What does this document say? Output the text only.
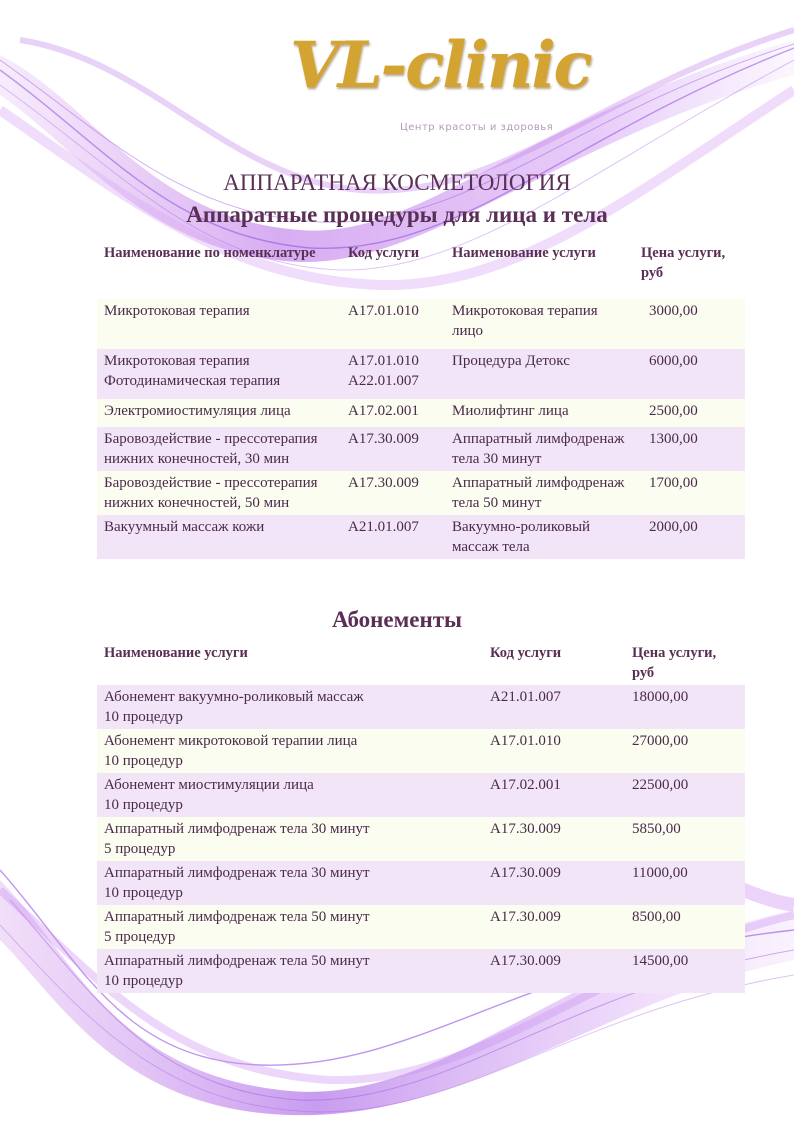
VL-clinic
Центр красоты и здоровья
АППАРАТНАЯ КОСМЕТОЛОГИЯ
Аппаратные процедуры для лица и тела
Наименование по номенклатуре	Код услуги	Наименование услуги	Цена услуги, руб

Микротоковая терапия	A17.01.010	Микротоковая терапия лицо	3000,00
Микротоковая терапия Фотодинамическая терапия	A17.01.010 A22.01.007	Процедура Детокс	6000,00
Электромиостимуляция лица	A17.02.001	Миолифтинг лица	2500,00
Баровоздействие - прессотерапия нижних конечностей, 30 мин	A17.30.009	Аппаратный лимфодренаж тела 30 минут	1300,00
Баровоздействие - прессотерапия нижних конечностей, 50 мин	A17.30.009	Аппаратный лимфодренаж тела 50 минут	1700,00
Вакуумный массаж кожи	A21.01.007	Вакуумно-роликовый массаж тела	2000,00
Абонементы
Наименование услуги	Код услуги	Цена услуги, руб

Абонемент вакуумно-роликовый массаж
10 процедур	A21.01.007	18000,00

Абонемент микротоковой терапии лица
10 процедур	A17.01.010	27000,00

Абонемент миостимуляции лица
10 процедур	A17.02.001	22500,00

Аппаратный лимфодренаж тела 30 минут
5 процедур	A17.30.009	5850,00

Аппаратный лимфодренаж тела 30 минут
10 процедур	A17.30.009	11000,00

Аппаратный лимфодренаж тела 50 минут
5 процедур	A17.30.009	8500,00

Аппаратный лимфодренаж тела 50 минут
10 процедур	A17.30.009	14500,00
